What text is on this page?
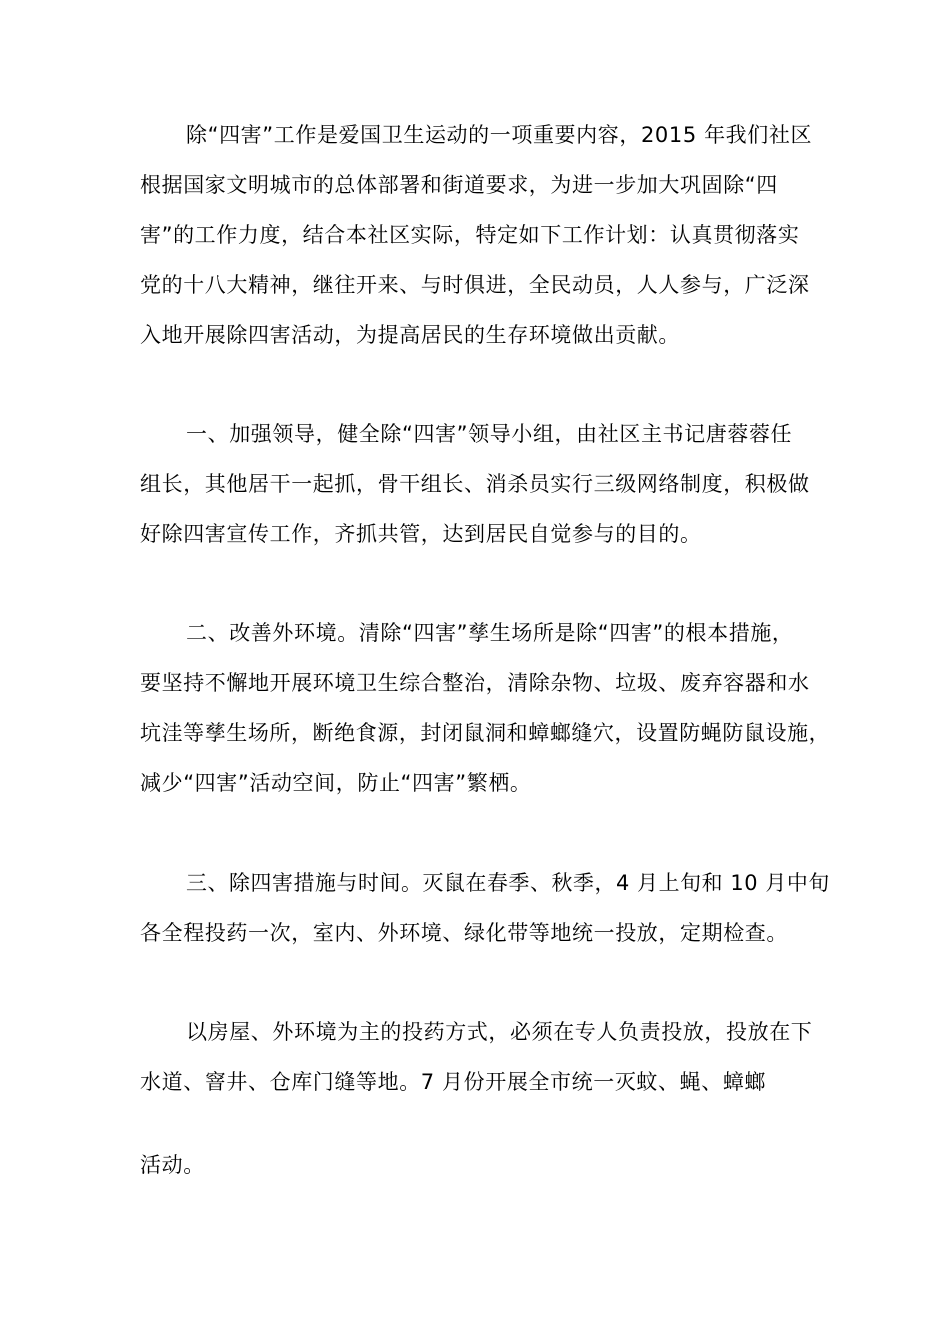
除“四害”工作是爱国卫生运动的一项重要内容，2015 年我们社区
根据国家文明城市的总体部署和街道要求，为进一步加大巩固除“四
害”的工作力度，结合本社区实际，特定如下工作计划：认真贯彻落实
党的十八大精神，继往开来、与时俱进，全民动员，人人参与，广泛深
入地开展除四害活动，为提高居民的生存环境做出贡献。
一、加强领导，健全除“四害”领导小组，由社区主书记唐蓉蓉任
组长，其他居干一起抓，骨干组长、消杀员实行三级网络制度，积极做
好除四害宣传工作，齐抓共管，达到居民自觉参与的目的。
二、改善外环境。清除“四害”孳生场所是除“四害”的根本措施，
要坚持不懈地开展环境卫生综合整治，清除杂物、垃圾、废弃容器和水
坑洼等孳生场所，断绝食源，封闭鼠洞和蟑螂缝穴，设置防蝇防鼠设施，
减少“四害”活动空间，防止“四害”繁栖。
三、除四害措施与时间。灭鼠在春季、秋季，4 月上旬和 10 月中旬
各全程投药一次，室内、外环境、绿化带等地统一投放，定期检查。
以房屋、外环境为主的投药方式，必须在专人负责投放，投放在下
水道、窨井、仓库门缝等地。7 月份开展全市统一灭蚊、蝇、蟑螂
活动。
